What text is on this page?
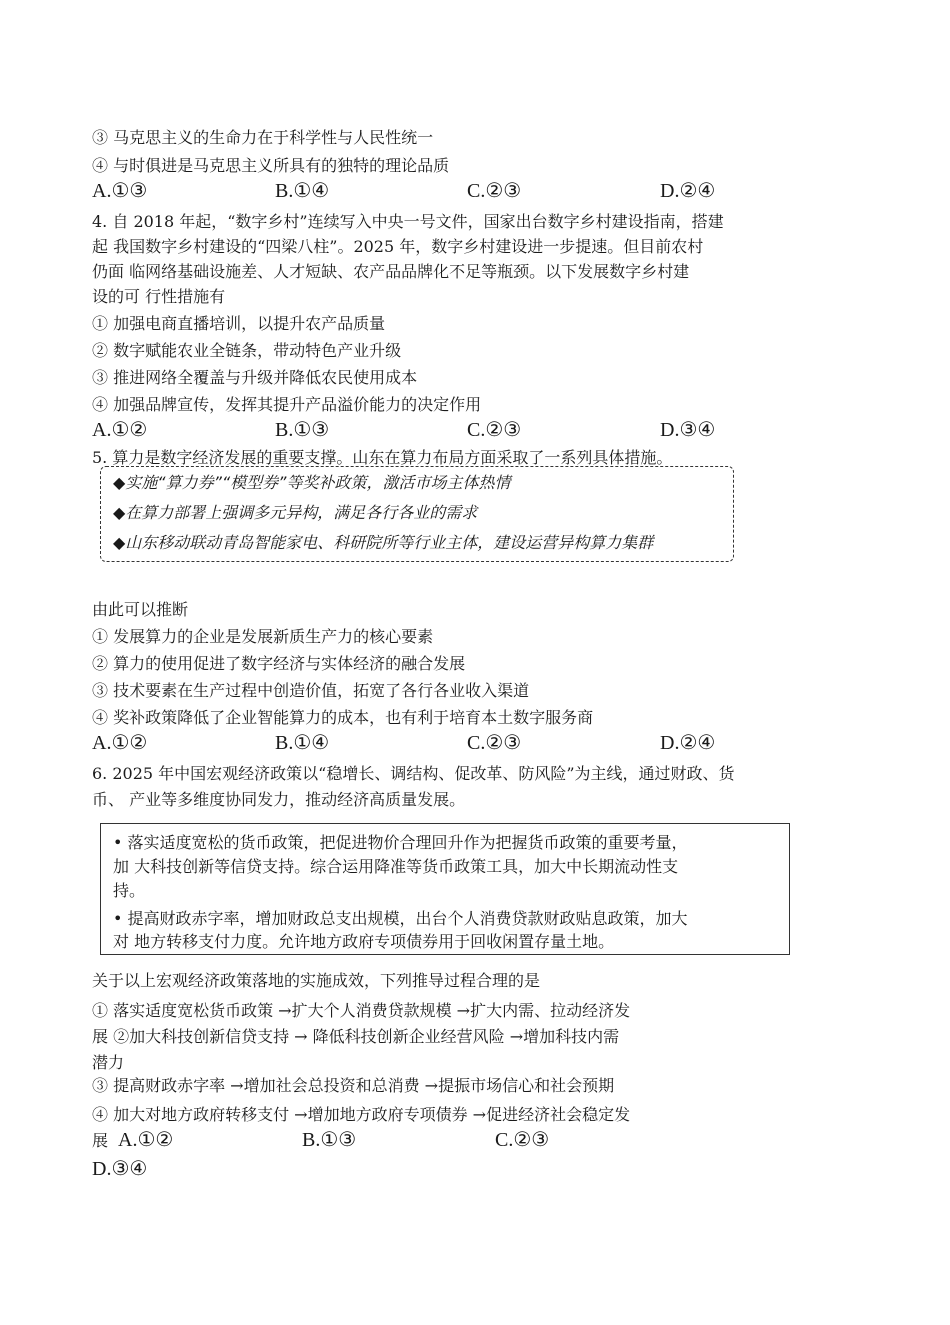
③ 马克思主义的生命力在于科学性与人民性统一
④ 与时俱进是马克思主义所具有的独特的理论品质
A.①③	B.①④	C.②③	D.②④
4. 自 2018 年起，“数字乡村”连续写入中央一号文件，国家出台数字乡村建设指南，搭建
起 我国数字乡村建设的“四梁八柱”。2025 年，数字乡村建设进一步提速。但目前农村
仍面 临网络基础设施差、人才短缺、农产品品牌化不足等瓶颈。以下发展数字乡村建
设的可 行性措施有
① 加强电商直播培训，以提升农产品质量
② 数字赋能农业全链条，带动特色产业升级
③ 推进网络全覆盖与升级并降低农民使用成本
④ 加强品牌宣传，发挥其提升产品溢价能力的决定作用
A.①②	B.①③	C.②③	D.③④
5. 算力是数字经济发展的重要支撑。山东在算力布局方面采取了一系列具体措施。
◆实施“算力券”“模型券”等奖补政策，激活市场主体热情
◆在算力部署上强调多元异构，满足各行各业的需求
◆山东移动联动青岛智能家电、科研院所等行业主体，建设运营异构算力集群
由此可以推断
① 发展算力的企业是发展新质生产力的核心要素
② 算力的使用促进了数字经济与实体经济的融合发展
③ 技术要素在生产过程中创造价值，拓宽了各行各业收入渠道
④ 奖补政策降低了企业智能算力的成本，也有利于培育本土数字服务商
A.①②	B.①④	C.②③	D.②④
6. 2025 年中国宏观经济政策以“稳增长、调结构、促改革、防风险”为主线，通过财政、货
币、 产业等多维度协同发力，推动经济高质量发展。
• 落实适度宽松的货币政策，把促进物价合理回升作为把握货币政策的重要考量，
加 大科技创新等信贷支持。综合运用降准等货币政策工具，加大中长期流动性支
持。
• 提高财政赤字率，增加财政总支出规模，出台个人消费贷款财政贴息政策，加大
对 地方转移支付力度。允许地方政府专项债券用于回收闲置存量土地。
关于以上宏观经济政策落地的实施成效，下列推导过程合理的是
① 落实适度宽松货币政策 →扩大个人消费贷款规模 →扩大内需、拉动经济发
展 ②加大科技创新信贷支持 → 降低科技创新企业经营风险 →增加科技内需
潜力
③ 提高财政赤字率 →增加社会总投资和总消费 →提振市场信心和社会预期
④ 加大对地方政府转移支付 →增加地方政府专项债券 →促进经济社会稳定发
展 A.①②	B.①③	C.②③
D.③④
